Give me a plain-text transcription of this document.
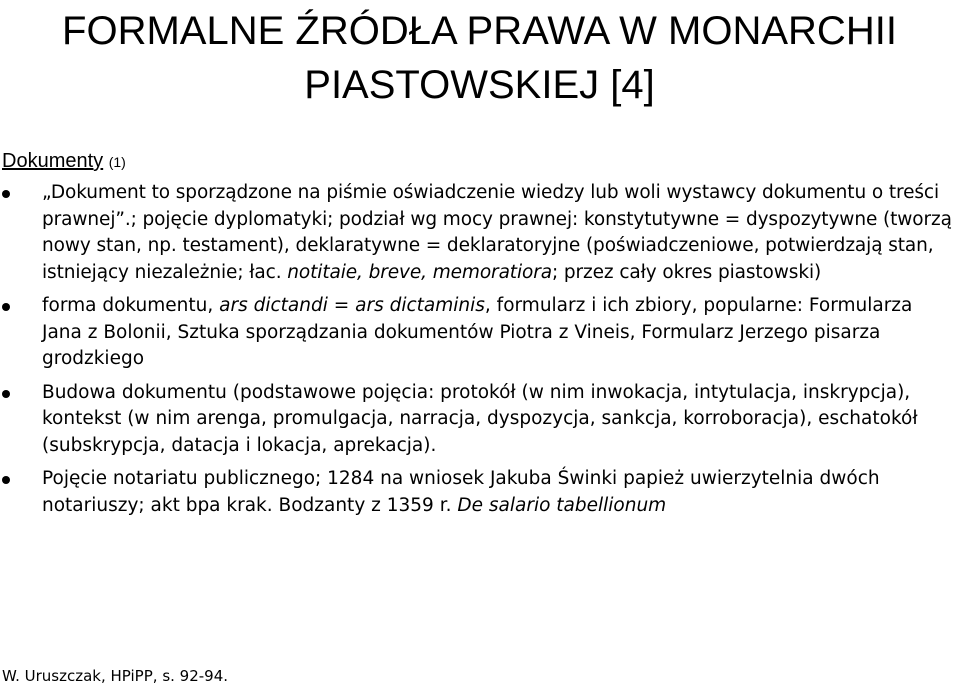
FORMALNE ŹRÓDŁA PRAWA W MONARCHII
PIASTOWSKIEJ [4]
Dokumenty (1)
„Dokument to sporządzone na piśmie oświadczenie wiedzy lub woli wystawcy dokumentu o treści prawnej”.; pojęcie dyplomatyki; podział wg mocy prawnej: konstytutywne = dyspozytywne (tworzą nowy stan, np. testament), deklaratywne = deklaratoryjne (poświadczeniowe, potwierdzają stan, istniejący niezależnie; łac. notitaie, breve, memoratiora; przez cały okres piastowski)
forma dokumentu, ars dictandi = ars dictaminis, formularz i ich zbiory, popularne: Formularza Jana z Bolonii, Sztuka sporządzania dokumentów Piotra z Vineis, Formularz Jerzego pisarza grodzkiego
Budowa dokumentu (podstawowe pojęcia: protokół (w nim inwokacja, intytulacja, inskrypcja), kontekst (w nim arenga, promulgacja, narracja, dyspozycja, sankcja, korroboracja), eschatokół (subskrypcja, datacja i lokacja, aprekacja).
Pojęcie notariatu publicznego; 1284 na wniosek Jakuba Świnki papież uwierzytelnia dwóch notariuszy; akt bpa krak. Bodzanty z 1359 r. De salario tabellionum
W. Uruszczak, HPiPP, s. 92-94.
